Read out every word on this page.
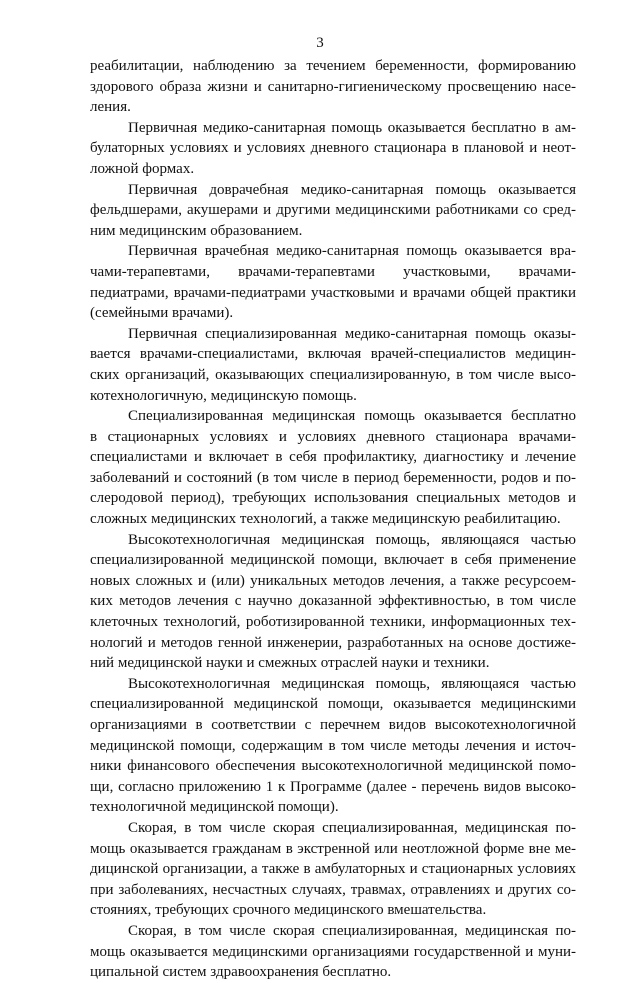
3
реабилитации, наблюдению за течением беременности, формированию
здорового образа жизни и санитарно-гигиеническому просвещению насе-
ления.
Первичная медико-санитарная помощь оказывается бесплатно в ам-
булаторных условиях и условиях дневного стационара в плановой и неот-
ложной формах.
Первичная доврачебная медико-санитарная помощь оказывается
фельдшерами, акушерами и другими медицинскими работниками со сред-
ним медицинским образованием.
Первичная врачебная медико-санитарная помощь оказывается вра-
чами-терапевтами, врачами-терапевтами участковыми, врачами-
педиатрами, врачами-педиатрами участковыми и врачами общей практики
(семейными врачами).
Первичная специализированная медико-санитарная помощь оказы-
вается врачами-специалистами, включая врачей-специалистов медицин-
ских организаций, оказывающих специализированную, в том числе высо-
котехнологичную, медицинскую помощь.
Специализированная медицинская помощь оказывается бесплатно
в стационарных условиях и условиях дневного стационара врачами-
специалистами и включает в себя профилактику, диагностику и лечение
заболеваний и состояний (в том числе в период беременности, родов и по-
слеродовой период), требующих использования специальных методов и
сложных медицинских технологий, а также медицинскую реабилитацию.
Высокотехнологичная медицинская помощь, являющаяся частью
специализированной медицинской помощи, включает в себя применение
новых сложных и (или) уникальных методов лечения, а также ресурсоем-
ких методов лечения с научно доказанной эффективностью, в том числе
клеточных технологий, роботизированной техники, информационных тех-
нологий и методов генной инженерии, разработанных на основе достиже-
ний медицинской науки и смежных отраслей науки и техники.
Высокотехнологичная медицинская помощь, являющаяся частью
специализированной медицинской помощи, оказывается медицинскими
организациями в соответствии с перечнем видов высокотехнологичной
медицинской помощи, содержащим в том числе методы лечения и источ-
ники финансового обеспечения высокотехнологичной медицинской помо-
щи, согласно приложению 1 к Программе (далее - перечень видов высоко-
технологичной медицинской помощи).
Скорая, в том числе скорая специализированная, медицинская по-
мощь оказывается гражданам в экстренной или неотложной форме вне ме-
дицинской организации, а также в амбулаторных и стационарных условиях
при заболеваниях, несчастных случаях, травмах, отравлениях и других со-
стояниях, требующих срочного медицинского вмешательства.
Скорая, в том числе скорая специализированная, медицинская по-
мощь оказывается медицинскими организациями государственной и муни-
ципальной систем здравоохранения бесплатно.
